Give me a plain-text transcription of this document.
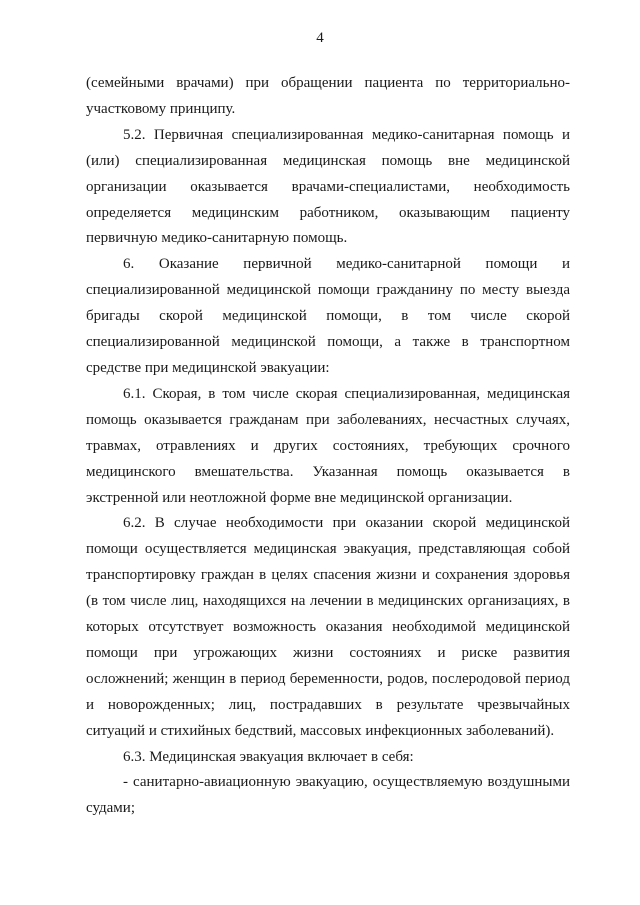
4

(семейными врачами) при обращении пациента по территориально-участковому принципу.

5.2. Первичная специализированная медико-санитарная помощь и (или) специализированная медицинская помощь вне медицинской организации оказывается врачами-специалистами, необходимость определяется медицинским работником, оказывающим пациенту первичную медико-санитарную помощь.

6. Оказание первичной медико-санитарной помощи и специализированной медицинской помощи гражданину по месту выезда бригады скорой медицинской помощи, в том числе скорой специализированной медицинской помощи, а также в транспортном средстве при медицинской эвакуации:

6.1. Скорая, в том числе скорая специализированная, медицинская помощь оказывается гражданам при заболеваниях, несчастных случаях, травмах, отравлениях и других состояниях, требующих срочного медицинского вмешательства. Указанная помощь оказывается в экстренной или неотложной форме вне медицинской организации.

6.2. В случае необходимости при оказании скорой медицинской помощи осуществляется медицинская эвакуация, представляющая собой транспортировку граждан в целях спасения жизни и сохранения здоровья (в том числе лиц, находящихся на лечении в медицинских организациях, в которых отсутствует возможность оказания необходимой медицинской помощи при угрожающих жизни состояниях и риске развития осложнений; женщин в период беременности, родов, послеродовой период и новорожденных; лиц, пострадавших в результате чрезвычайных ситуаций и стихийных бедствий, массовых инфекционных заболеваний).

6.3. Медицинская эвакуация включает в себя:

- санитарно-авиационную эвакуацию, осуществляемую воздушными судами;
